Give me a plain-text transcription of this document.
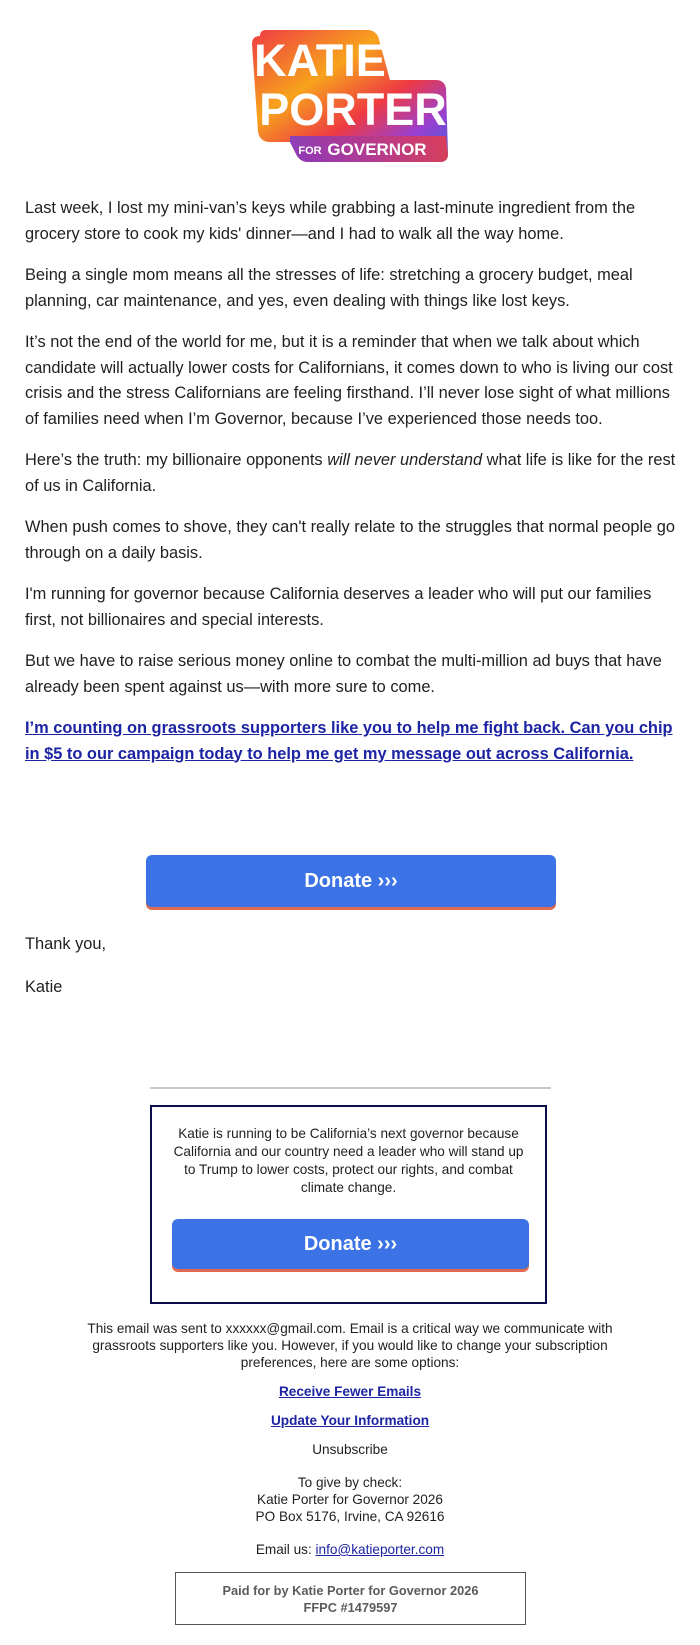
KATIE
PORTER
FOR GOVERNOR

Last week, I lost my mini-van’s keys while grabbing a last-minute ingredient from the grocery store to cook my kids' dinner—and I had to walk all the way home.

Being a single mom means all the stresses of life: stretching a grocery budget, meal planning, car maintenance, and yes, even dealing with things like lost keys.

It’s not the end of the world for me, but it is a reminder that when we talk about which candidate will actually lower costs for Californians, it comes down to who is living our cost crisis and the stress Californians are feeling firsthand. I’ll never lose sight of what millions of families need when I’m Governor, because I’ve experienced those needs too.

Here’s the truth: my billionaire opponents will never understand what life is like for the rest of us in California.

When push comes to shove, they can't really relate to the struggles that normal people go through on a daily basis.

I'm running for governor because California deserves a leader who will put our families first, not billionaires and special interests.

But we have to raise serious money online to combat the multi-million ad buys that have already been spent against us—with more sure to come.

I’m counting on grassroots supporters like you to help me fight back. Can you chip in $5 to our campaign today to help me get my message out across California.

Donate ›››

Thank you,

Katie

Katie is running to be California’s next governor because California and our country need a leader who will stand up to Trump to lower costs, protect our rights, and combat climate change.
Donate ›››

This email was sent to xxxxxx@gmail.com. Email is a critical way we communicate with grassroots supporters like you. However, if you would like to change your subscription preferences, here are some options:

Receive Fewer Emails

Update Your Information

Unsubscribe

To give by check:
Katie Porter for Governor 2026
PO Box 5176, Irvine, CA 92616

Email us: info@katieporter.com

Paid for by Katie Porter for Governor 2026
FFPC #1479597
